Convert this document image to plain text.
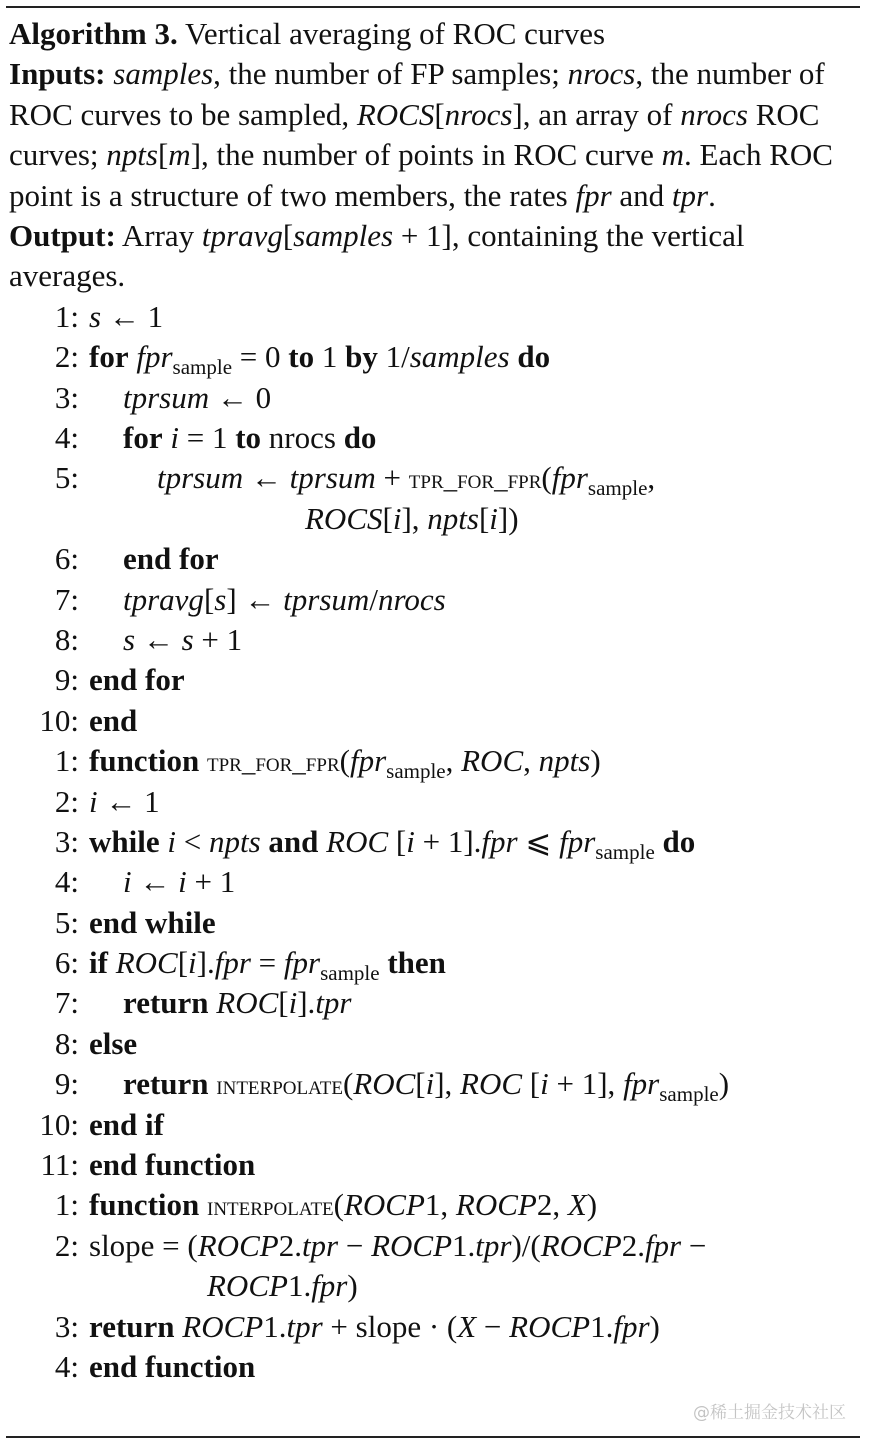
Algorithm 3. Vertical averaging of ROC curves

Inputs: samples, the number of FP samples; nrocs, the number of ROC curves to be sampled, ROCS[nrocs], an array of nrocs ROC curves; npts[m], the number of points in ROC curve m. Each ROC point is a structure of two members, the rates fpr and tpr.

Output: Array tpravg[samples + 1], containing the vertical averages.

1: s ← 1
2: for fpr$_{sample}$ = 0 to 1 by 1/samples do
3: tprsum ← 0
4: for i = 1 to nrocs do
5:	tprsum ← tprsum + tpr_for_fpr(fpr$_{sample}$,
ROCS[i], npts[i])
6: end for
7: tpravg[s] ← tprsum/nrocs
8: s ← s + 1
9: end for
10: end
1: function tpr_for_fpr(fpr$_{sample}$, ROC, npts)
2: i ← 1
3: while i < npts and ROC [i + 1].fpr ⩽ fpr$_{sample}$ do
4: i ← i + 1
5: end while
6: if ROC[i].fpr = fpr$_{sample}$ then
7: return ROC[i].tpr
8: else
9: return interpolate(ROC[i], ROC [i + 1], fpr$_{sample}$)
10: end if
11: end function
1: function interpolate(ROCP1, ROCP2, X)
2: slope = (ROCP2.tpr − ROCP1.tpr)/(ROCP2.fpr −
ROCP1.fpr)
3: return ROCP1.tpr + slope · (X − ROCP1.fpr)
4: end function
@稀土掘金技术社区
